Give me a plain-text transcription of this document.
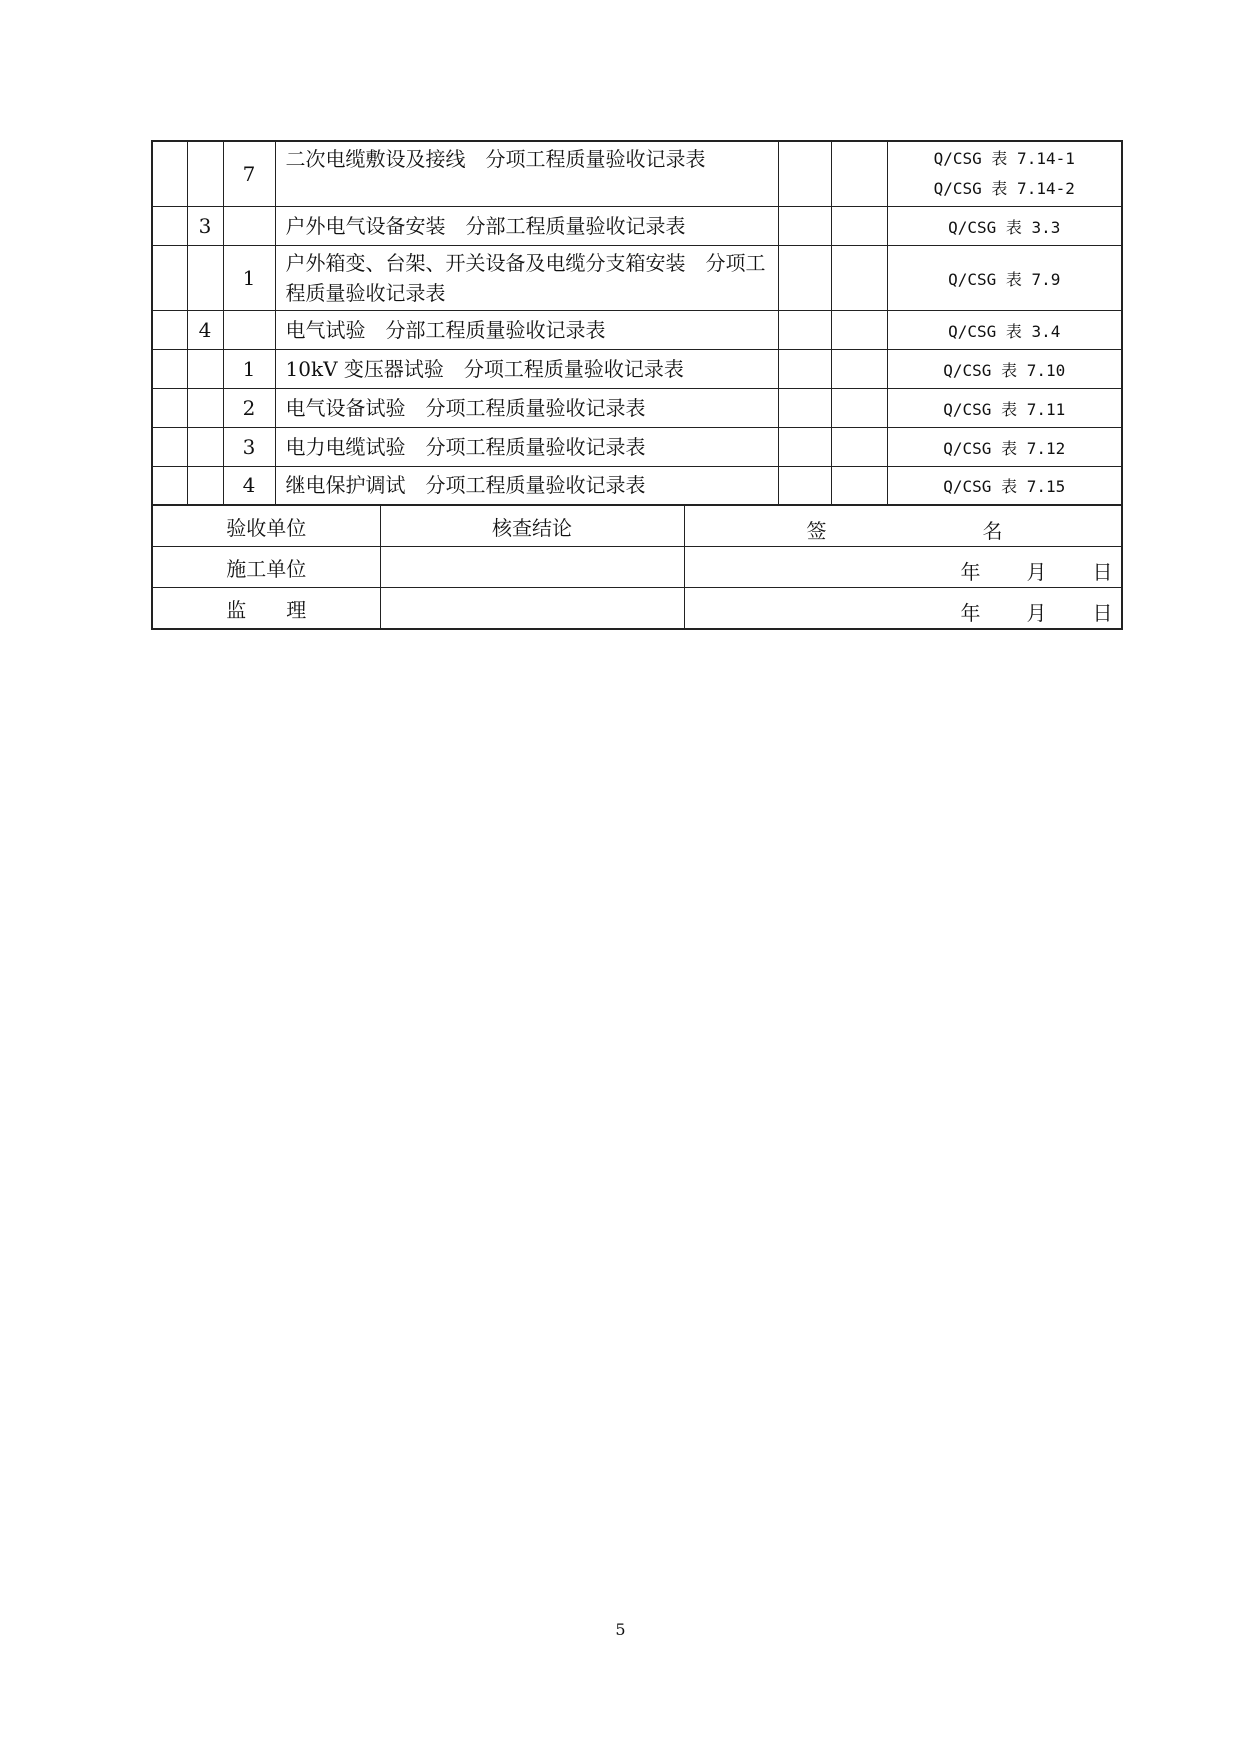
		7	二次电缆敷设及接线　分项工程质量验收记录表			Q/CSG 表 7.14-1
Q/CSG 表 7.14-2

	3		户外电气设备安装　分部工程质量验收记录表			Q/CSG 表 3.3
		1	户外箱变、台架、开关设备及电缆分支箱安装　分项工程质量验收记录表			Q/CSG 表 7.9
	4		电气试验　分部工程质量验收记录表			Q/CSG 表 3.4
		1	10kV 变压器试验　分项工程质量验收记录表			Q/CSG 表 7.10
		2	电气设备试验　分项工程质量验收记录表			Q/CSG 表 7.11
		3	电力电缆试验　分项工程质量验收记录表			Q/CSG 表 7.12
		4	继电保护调试　分项工程质量验收记录表			Q/CSG 表 7.15
验收单位	核查结论	签 名

施工单位		年 月 日

监　　理		年 月 日
5
